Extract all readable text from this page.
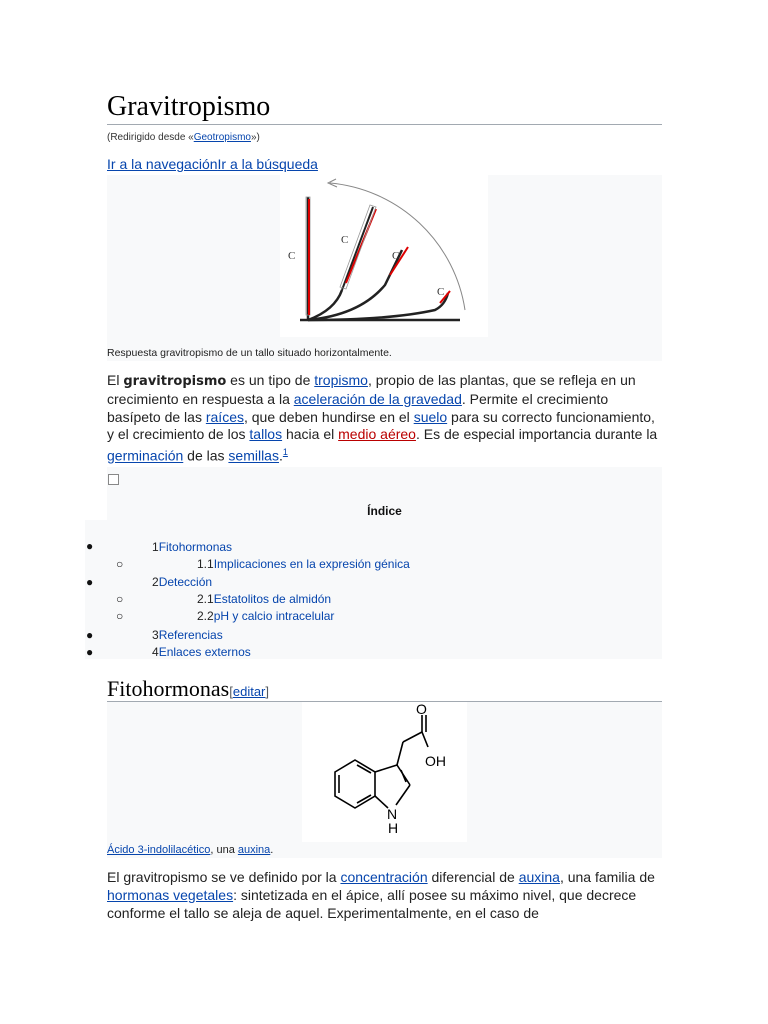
Gravitropismo
(Redirigido desde «Geotropismo»)
Ir a la navegaciónIr a la búsqueda
C
C
C
C
Respuesta gravitropismo de un tallo situado horizontalmente.
El gravitropismo es un tipo de tropismo, propio de las plantas, que se refleja en un crecimiento en respuesta a la aceleración de la gravedad. Permite el crecimiento basípeto de las raíces, que deben hundirse en el suelo para su correcto funcionamiento, y el crecimiento de los tallos hacia el medio aéreo. Es de especial importancia durante la germinación de las semillas.$^1$
Índice
●	1Fitohormonas
○	1.1Implicaciones en la expresión génica
●	2Detección
○	2.1Estatolitos de almidón
○	2.2pH y calcio intracelular
●	3Referencias
●	4Enlaces externos
Fitohormonas[editar]
O
OH
N
H
Ácido 3-indolilacético, una auxina.
El gravitropismo se ve definido por la concentración diferencial de auxina, una familia de hormonas vegetales: sintetizada en el ápice, allí posee su máximo nivel, que decrece conforme el tallo se aleja de aquel. Experimentalmente, en el caso de
